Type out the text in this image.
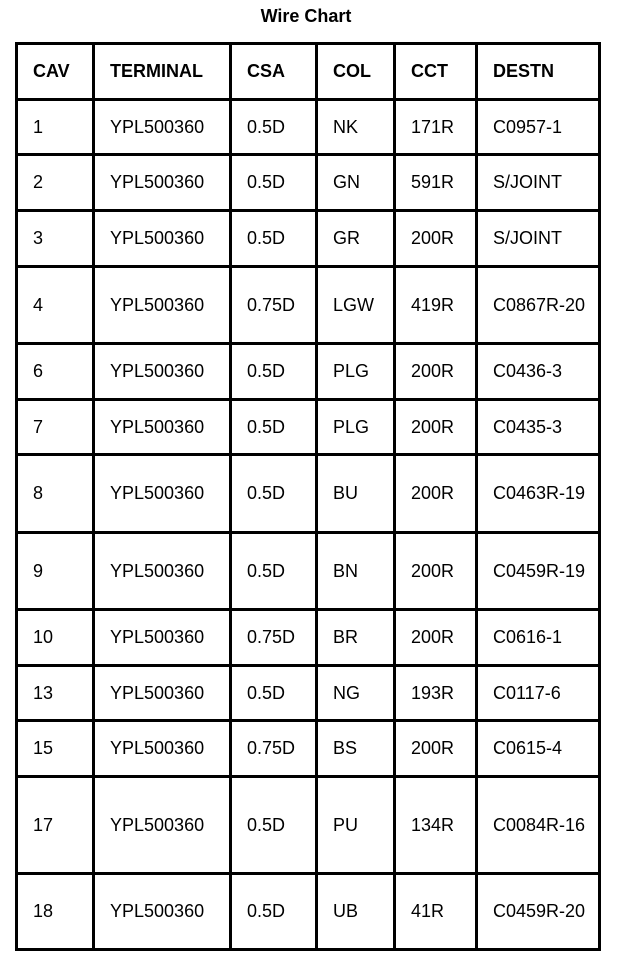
Wire Chart
CAV	TERMINAL	CSA	COL	CCT	DESTN
1	YPL500360	0.5D	NK	171R	C0957-1
2	YPL500360	0.5D	GN	591R	S/JOINT
3	YPL500360	0.5D	GR	200R	S/JOINT
4	YPL500360	0.75D	LGW	419R	C0867R-20
6	YPL500360	0.5D	PLG	200R	C0436-3
7	YPL500360	0.5D	PLG	200R	C0435-3
8	YPL500360	0.5D	BU	200R	C0463R-19
9	YPL500360	0.5D	BN	200R	C0459R-19
10	YPL500360	0.75D	BR	200R	C0616-1
13	YPL500360	0.5D	NG	193R	C0117-6
15	YPL500360	0.75D	BS	200R	C0615-4
17	YPL500360	0.5D	PU	134R	C0084R-16
18	YPL500360	0.5D	UB	41R	C0459R-20
